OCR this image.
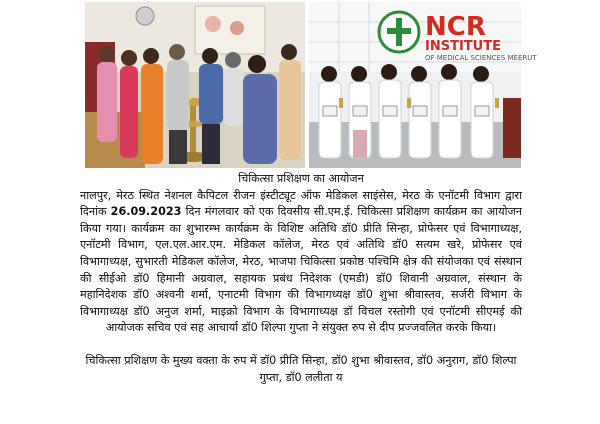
NCR
INSTITUTE
OF MEDICAL SCIENCES MEERUT
चिकित्सा प्रशिक्षण का आयोजन
नालपुर, मेरठ स्थित नेशनल कैपिटल रीजन इंस्टीट्यूट ऑफ मेडिकल साइंसेस, मेरठ के एनॉटमी विभाग द्वारा दिनांक 26.09.2023 दिन मंगलवार को एक दिवसीय सी.एम.ई. चिकित्सा प्रशिक्षण कार्यक्रम का आयोजन किया गया। कार्यक्रम का शुभारम्भ कार्यक्रम के विशिष्ट अतिथि डॉ0 प्रीति सिन्हा, प्रोफेसर एवं विभागाध्यक्ष, एनॉटमी विभाग, एल.एल.आर.एम. मेडिकल कॉलेज, मेरठ एवं अतिथि डॉ0 सत्यम खरे, प्रोफेसर एवं विभागाध्यक्ष, सुभारती मेडिकल कॉलेज, मेरठ, भाजपा चिकित्सा प्रकोष्ठ पश्चिमि क्षेत्र की संयोजका एवं संस्थान की सीईओ डॉ0 हिमानी अग्रवाल, सहायक प्रबंध निदेशक (एमडी) डॉ0 शिवानी अग्रवाल, संस्थान के महानिदेशक डॉ0 अश्वनी शर्मा, एनाटमी विभाग की विभागध्यक्ष डॉ0 शुभा श्रीवास्तव, सर्जरी विभाग के विभागाध्यक्ष डॉ0 अनुज शर्मा, माइक्रो विभाग के विभागाध्यक्ष डॉ विचल रस्तोगी एवं एनॉटमी सीएमई की आयोजक सचिव एवं सह आचार्या डॉ0 शिल्पा गुप्ता ने संयुक्त रुप से दीप प्रज्जवलित करके किया।
चिकित्सा प्रशिक्षण के मुख्य वक्ता के रुप में डॉ0 प्रीति सिन्हा, डॉ0 शुभा श्रीवास्तव, डॉ0 अनुराग, डॉ0 शिल्पा गुप्ता, डॉ0 ललीता य
